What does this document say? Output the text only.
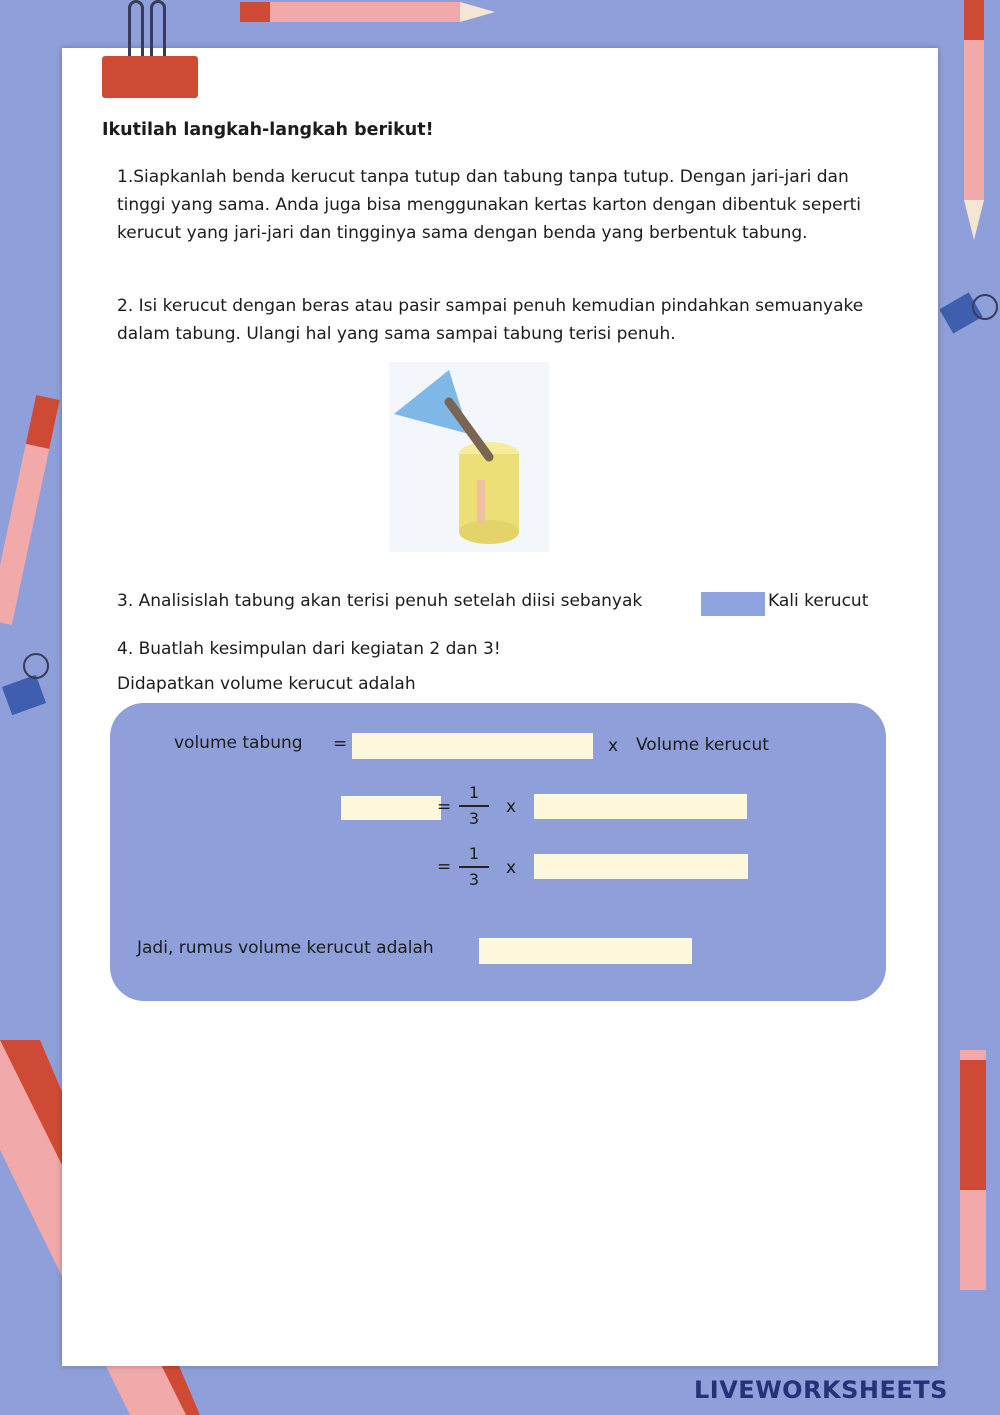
Ikutilah langkah-langkah berikut!
1.Siapkanlah benda kerucut tanpa tutup dan tabung tanpa tutup. Dengan jari-jari dan tinggi yang sama. Anda juga bisa menggunakan kertas karton dengan dibentuk seperti kerucut yang jari-jari dan tingginya sama dengan benda yang berbentuk tabung.
2. Isi kerucut dengan beras atau pasir sampai penuh kemudian pindahkan semuanyake dalam tabung. Ulangi hal yang sama sampai tabung terisi penuh.
3. Analisislah tabung akan terisi penuh setelah diisi sebanyak	Kali kerucut
4. Buatlah kesimpulan dari kegiatan 2 dan 3!
Didapatkan volume kerucut adalah
volume tabung =	x Volume kerucut
=
1
3
x
=
1
3
x
Jadi, rumus volume kerucut adalah
LIVEWORKSHEETS
